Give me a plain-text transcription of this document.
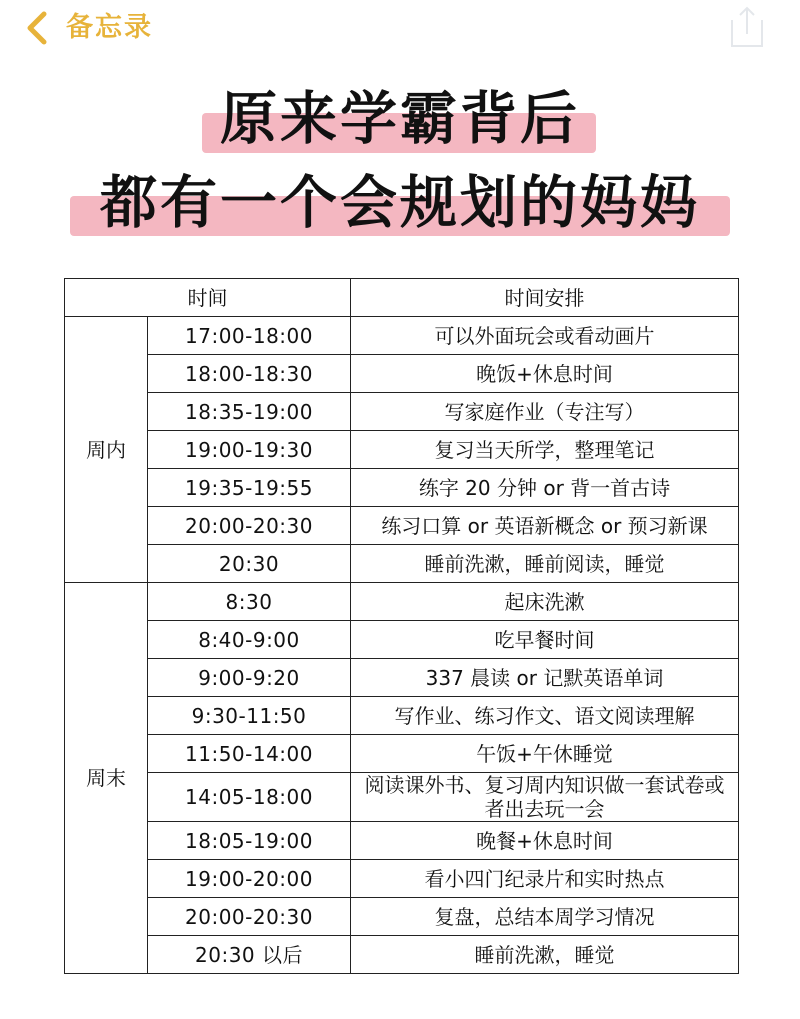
备忘录
原来学霸背后
都有一个会规划的妈妈
时间		时间安排
周内	17:00-18:00	可以外面玩会或看动画片
	18:00-18:30	晚饭+休息时间
	18:35-19:00	写家庭作业（专注写）
	19:00-19:30	复习当天所学，整理笔记
	19:35-19:55	练字 20 分钟 or 背一首古诗
	20:00-20:30	练习口算 or 英语新概念 or 预习新课
	20:30	睡前洗漱，睡前阅读，睡觉
周末	8:30	起床洗漱
	8:40-9:00	吃早餐时间
	9:00-9:20	337 晨读 or 记默英语单词
	9:30-11:50	写作业、练习作文、语文阅读理解
	11:50-14:00	午饭+午休睡觉
	14:05-18:00	阅读课外书、复习周内知识做一套试卷或者出去玩一会
	18:05-19:00	晚餐+休息时间
	19:00-20:00	看小四门纪录片和实时热点
	20:00-20:30	复盘，总结本周学习情况
	20:30 以后	睡前洗漱，睡觉
